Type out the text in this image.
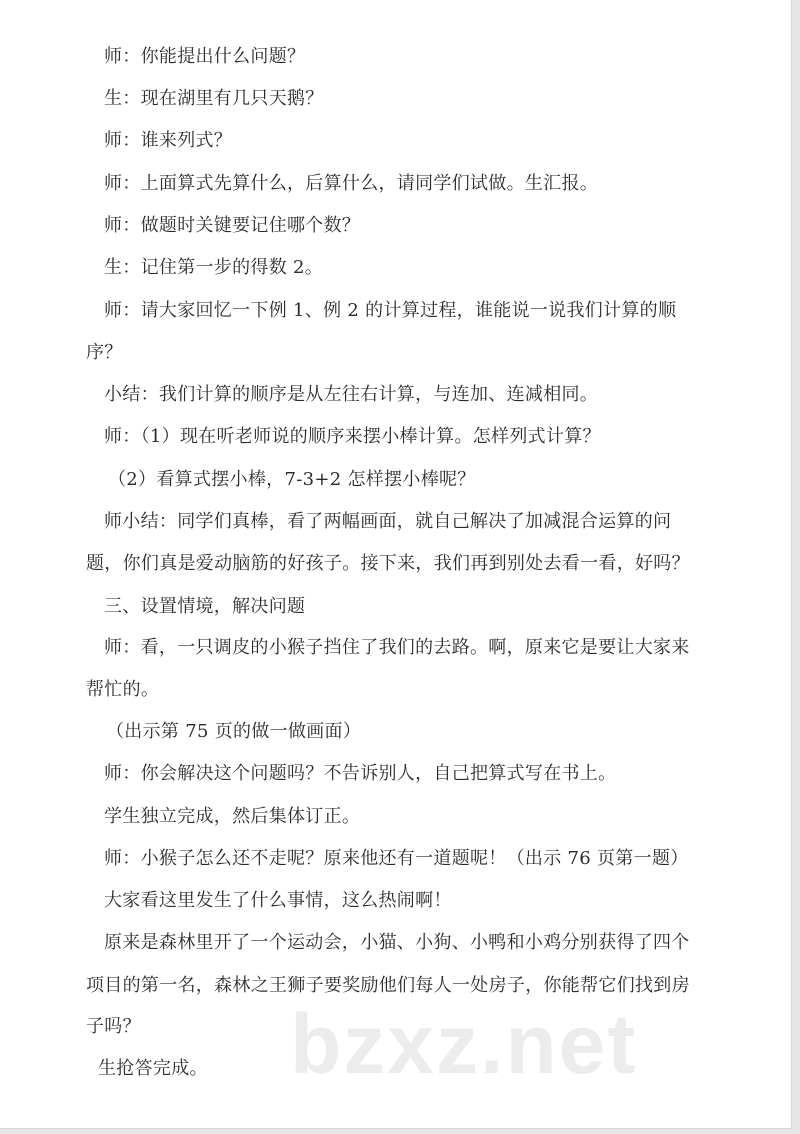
师：你能提出什么问题？
生：现在湖里有几只天鹅？
师：谁来列式？
师：上面算式先算什么，后算什么，请同学们试做。生汇报。
师：做题时关键要记住哪个数？
生：记住第一步的得数 2。
师：请大家回忆一下例 1、例 2 的计算过程，谁能说一说我们计算的顺
序？
小结：我们计算的顺序是从左往右计算，与连加、连减相同。
师：（1）现在听老师说的顺序来摆小棒计算。怎样列式计算？
（2）看算式摆小棒，7-3+2 怎样摆小棒呢？
师小结：同学们真棒，看了两幅画面，就自己解决了加减混合运算的问
题，你们真是爱动脑筋的好孩子。接下来，我们再到别处去看一看，好吗？
三、设置情境，解决问题
师：看，一只调皮的小猴子挡住了我们的去路。啊，原来它是要让大家来
帮忙的。
（出示第 75 页的做一做画面）
师：你会解决这个问题吗？不告诉别人，自己把算式写在书上。
学生独立完成，然后集体订正。
师：小猴子怎么还不走呢？原来他还有一道题呢！（出示 76 页第一题）
大家看这里发生了什么事情，这么热闹啊！
原来是森林里开了一个运动会，小猫、小狗、小鸭和小鸡分别获得了四个
项目的第一名，森林之王狮子要奖励他们每人一处房子，你能帮它们找到房
子吗？
生抢答完成。 bzxz.net
